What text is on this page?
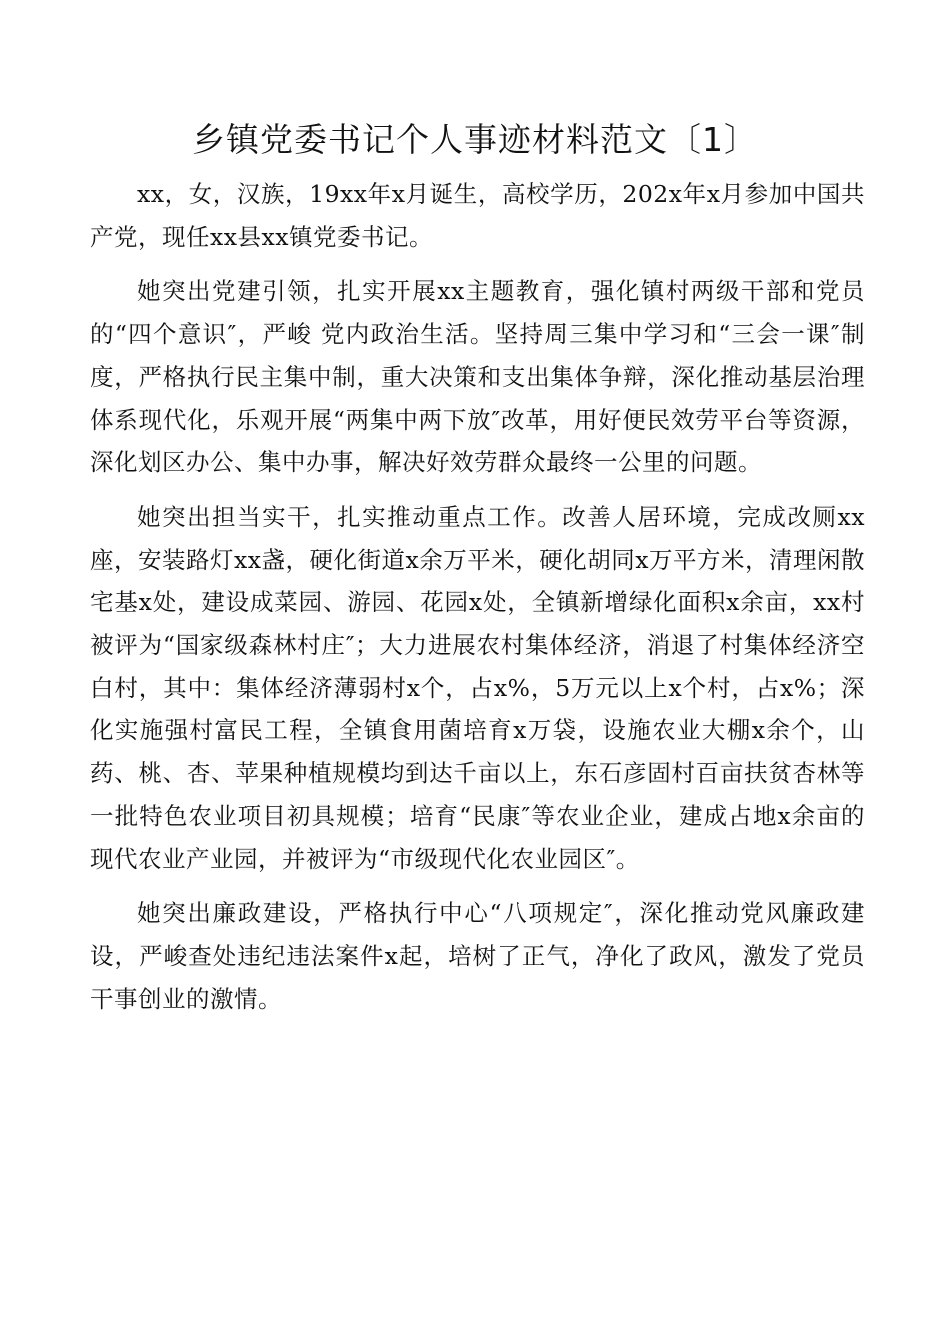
乡镇党委书记个人事迹材料范文〔1〕

xx，女，汉族，19xx年x月诞生，高校学历，202x年x月参加中国共产党，现任xx县xx镇党委书记。

她突出党建引领，扎实开展xx主题教育，强化镇村两级干部和党员的“四个意识″，严峻 党内政治生活。坚持周三集中学习和“三会一课″制度，严格执行民主集中制，重大决策和支出集体争辩，深化推动基层治理体系现代化，乐观开展“两集中两下放″改革，用好便民效劳平台等资源，深化划区办公、集中办事，解决好效劳群众最终一公里的问题。

她突出担当实干，扎实推动重点工作。改善人居环境，完成改厕xx座，安装路灯xx盏，硬化街道x余万平米，硬化胡同x万平方米，清理闲散宅基x处，建设成菜园、游园、花园x处，全镇新增绿化面积x余亩，xx村被评为“国家级森林村庄″；大力进展农村集体经济，消退了村集体经济空白村，其中：集体经济薄弱村x个，占x%，5万元以上x个村，占x%；深化实施强村富民工程，全镇食用菌培育x万袋，设施农业大棚x余个，山药、桃、杏、苹果种植规模均到达千亩以上，东石彦固村百亩扶贫杏林等一批特色农业项目初具规模；培育“民康″等农业企业，建成占地x余亩的现代农业产业园，并被评为“市级现代化农业园区″。

她突出廉政建设，严格执行中心“八项规定″，深化推动党风廉政建设，严峻查处违纪违法案件x起，培树了正气，净化了政风，激发了党员干事创业的激情。
